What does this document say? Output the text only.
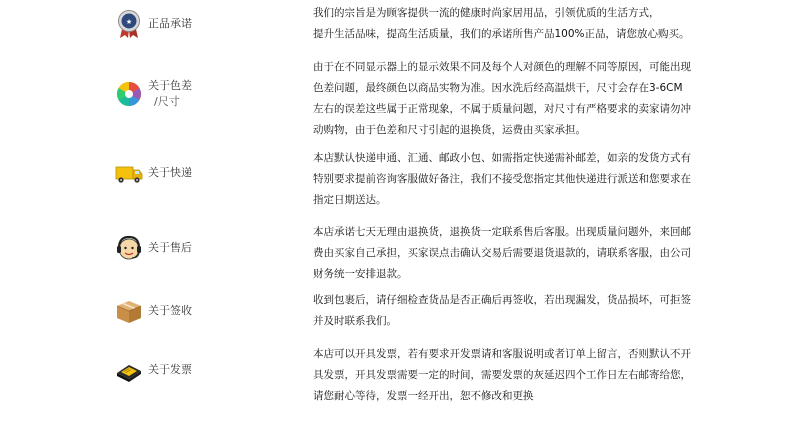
★ 正品承诺

我们的宗旨是为顾客提供一流的健康时尚家居用品，引领优质的生活方式，
提升生活品味，提高生活质量，我们的承诺所售产品100%正品，请您放心购买。

关于色差
/尺寸

由于在不同显示器上的显示效果不同及每个人对颜色的理解不同等原因，可能出现
色差问题，最终颜色以商品实物为准。因水洗后经高温烘干，尺寸会存在3-6CM
左右的误差这些属于正常现象，不属于质量问题，对尺寸有严格要求的卖家请勿冲
动购物，由于色差和尺寸引起的退换货，运费由买家承担。

关于快递

本店默认快递申通、汇通、邮政小包、如需指定快递需补邮差，如亲的发货方式有
特别要求提前咨询客服做好备注，我们不接受您指定其他快递进行派送和您要求在
指定日期送达。

关于售后

本店承诺七天无理由退换货，退换货一定联系售后客服。出现质量问题外，来回邮
费由买家自己承担，买家误点击确认交易后需要退货退款的，请联系客服，由公司
财务统一安排退款。

关于签收

收到包裹后，请仔细检查货品是否正确后再签收，若出现漏发，货品损坏，可拒签
并及时联系我们。

关于发票

本店可以开具发票，若有要求开发票请和客服说明或者订单上留言，否则默认不开
具发票，开具发票需要一定的时间，需要发票的灰延迟四个工作日左右邮寄给您，
请您耐心等待，发票一经开出，恕不修改和更换
